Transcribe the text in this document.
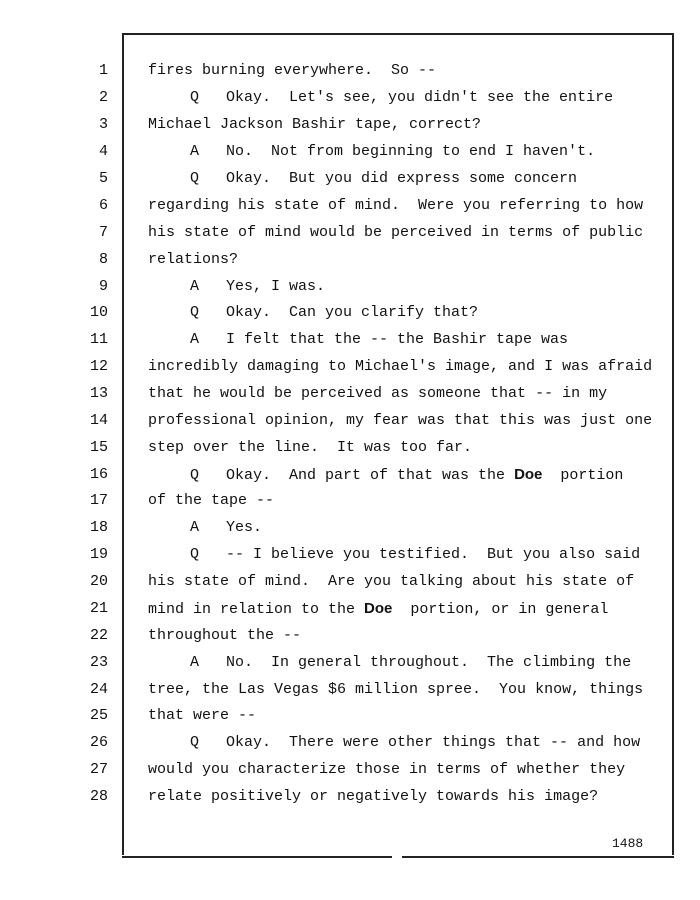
1
2
3
4
5
6
7
8
9
10
11
12
13
14
15
16
17
18
19
20
21
22
23
24
25
26
27
28
fires burning everywhere.  So --
Q   Okay.  Let's see, you didn't see the entire
Michael Jackson Bashir tape, correct?
A   No.  Not from beginning to end I haven't.
Q   Okay.  But you did express some concern
regarding his state of mind.  Were you referring to how
his state of mind would be perceived in terms of public
relations?
A   Yes, I was.
Q   Okay.  Can you clarify that?
A   I felt that the -- the Bashir tape was
incredibly damaging to Michael's image, and I was afraid
that he would be perceived as someone that -- in my
professional opinion, my fear was that this was just one
step over the line.  It was too far.
Q   Okay.  And part of that was the Doe  portion
of the tape --
A   Yes.
Q   -- I believe you testified.  But you also said
his state of mind.  Are you talking about his state of
mind in relation to the Doe  portion, or in general
throughout the --
A   No.  In general throughout.  The climbing the
tree, the Las Vegas $6 million spree.  You know, things
that were --
Q   Okay.  There were other things that -- and how
would you characterize those in terms of whether they
relate positively or negatively towards his image?
1488
